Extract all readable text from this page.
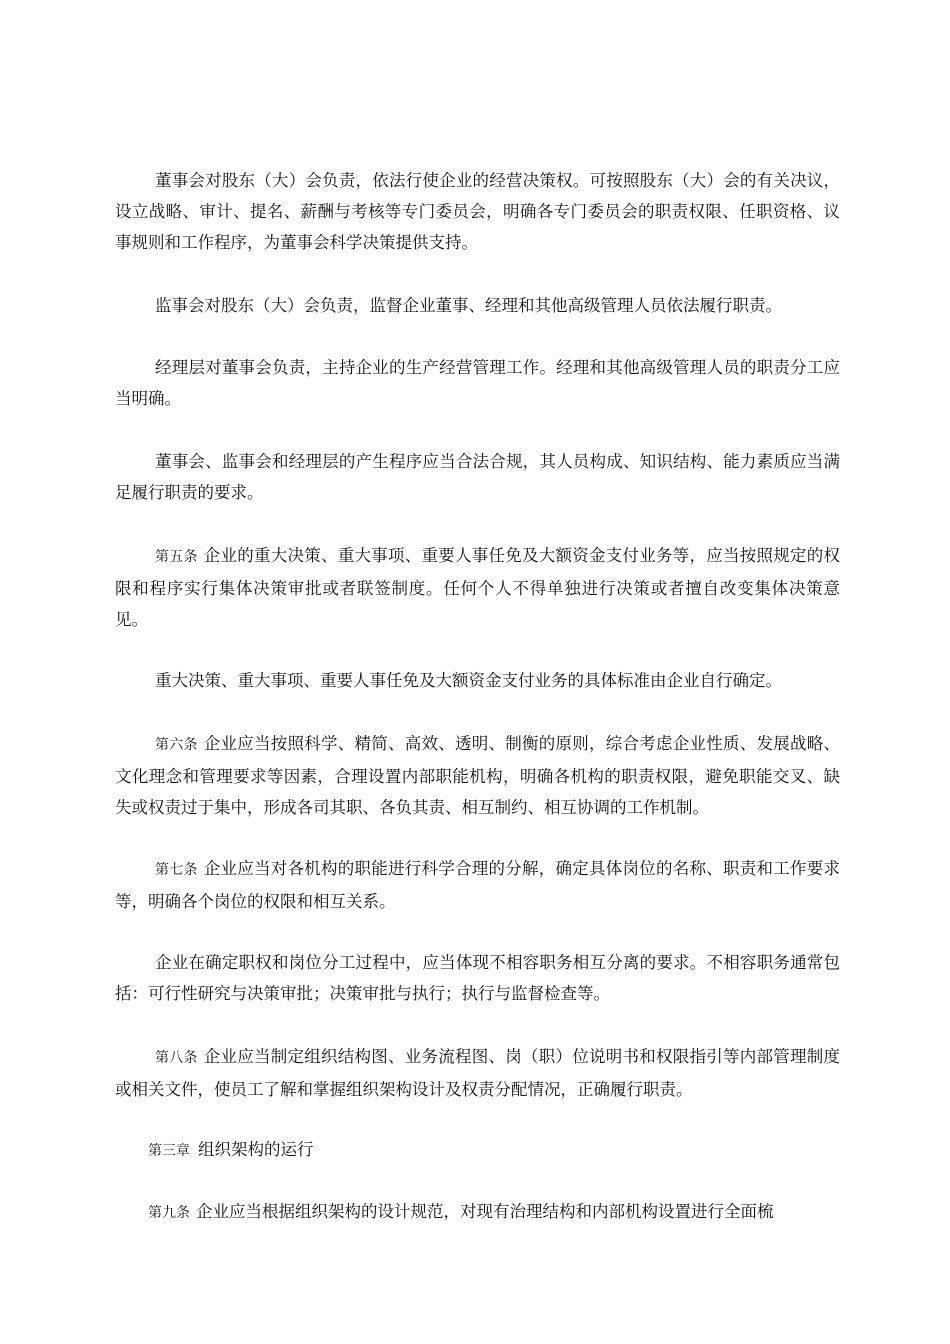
董事会对股东（大）会负责，依法行使企业的经营决策权。可按照股东（大）会的有关决议，设立战略、审计、提名、薪酬与考核等专门委员会，明确各专门委员会的职责权限、任职资格、议事规则和工作程序，为董事会科学决策提供支持。

监事会对股东（大）会负责，监督企业董事、经理和其他高级管理人员依法履行职责。

经理层对董事会负责，主持企业的生产经营管理工作。经理和其他高级管理人员的职责分工应当明确。

董事会、监事会和经理层的产生程序应当合法合规，其人员构成、知识结构、能力素质应当满足履行职责的要求。

第五条 企业的重大决策、重大事项、重要人事任免及大额资金支付业务等，应当按照规定的权限和程序实行集体决策审批或者联签制度。任何个人不得单独进行决策或者擅自改变集体决策意见。

重大决策、重大事项、重要人事任免及大额资金支付业务的具体标准由企业自行确定。

第六条 企业应当按照科学、精简、高效、透明、制衡的原则，综合考虑企业性质、发展战略、文化理念和管理要求等因素，合理设置内部职能机构，明确各机构的职责权限，避免职能交叉、缺失或权责过于集中，形成各司其职、各负其责、相互制约、相互协调的工作机制。

第七条 企业应当对各机构的职能进行科学合理的分解，确定具体岗位的名称、职责和工作要求等，明确各个岗位的权限和相互关系。

企业在确定职权和岗位分工过程中，应当体现不相容职务相互分离的要求。不相容职务通常包括：可行性研究与决策审批；决策审批与执行；执行与监督检查等。

第八条 企业应当制定组织结构图、业务流程图、岗（职）位说明书和权限指引等内部管理制度或相关文件，使员工了解和掌握组织架构设计及权责分配情况，正确履行职责。

第三章 组织架构的运行

第九条 企业应当根据组织架构的设计规范，对现有治理结构和内部机构设置进行全面梳
